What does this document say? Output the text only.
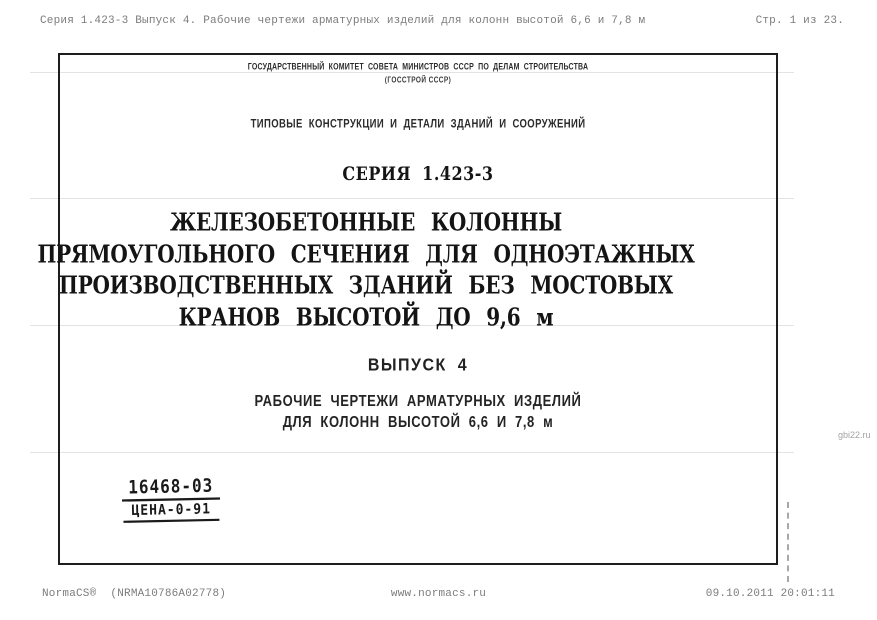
Серия 1.423-3 Выпуск 4. Рабочие чертежи арматурных изделий для колонн высотой 6,6 и 7,8 м	Стр. 1 из 23.
ГОСУДАРСТВЕННЫЙ КОМИТЕТ СОВЕТА МИНИСТРОВ СССР ПО ДЕЛАМ СТРОИТЕЛЬСТВА
(ГОССТРОЙ СССР)
ТИПОВЫЕ КОНСТРУКЦИИ И ДЕТАЛИ ЗДАНИЙ И СООРУЖЕНИЙ
СЕРИЯ 1.423-3
ЖЕЛЕЗОБЕТОННЫЕ КОЛОННЫ
ПРЯМОУГОЛЬНОГО СЕЧЕНИЯ ДЛЯ ОДНОЭТАЖНЫХ
ПРОИЗВОДСТВЕННЫХ ЗДАНИЙ БЕЗ МОСТОВЫХ
КРАНОВ ВЫСОТОЙ ДО 9,6 м
ВЫПУСК 4
РАБОЧИЕ ЧЕРТЕЖИ АРМАТУРНЫХ ИЗДЕЛИЙ
ДЛЯ КОЛОНН ВЫСОТОЙ 6,6 И 7,8 м
16468-03
ЦЕНА-0-91
gbi22.ru
NormaCS® (NRMA10786A02778)	www.normacs.ru	09.10.2011 20:01:11
